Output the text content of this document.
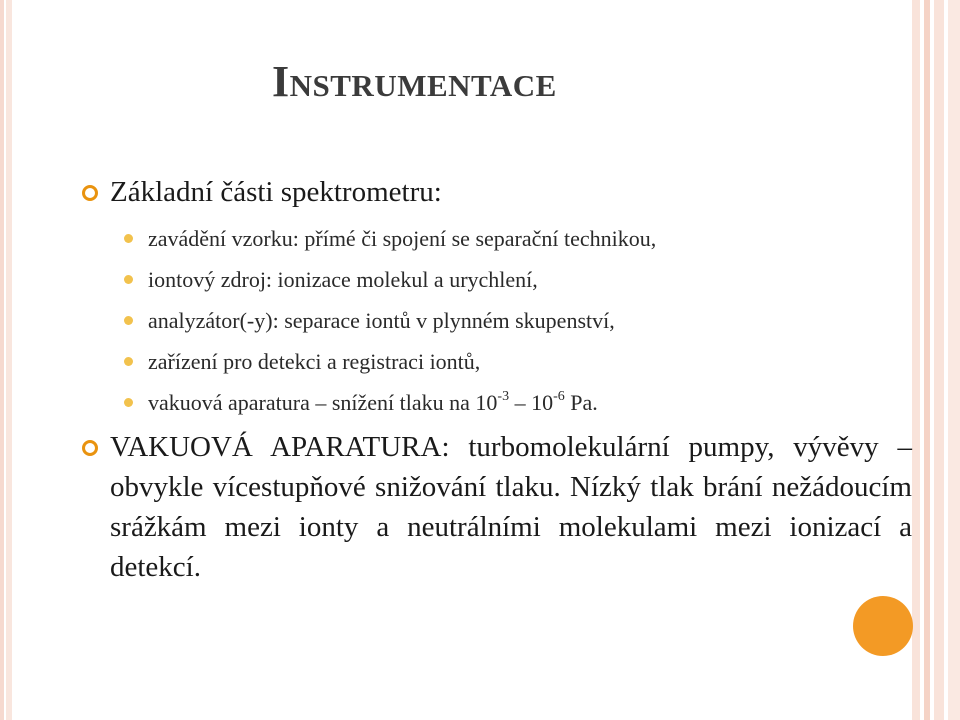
Instrumentace
Základní části spektrometru:
zavádění vzorku: přímé či spojení se separační technikou,
iontový zdroj: ionizace molekul a urychlení,
analyzátor(-y): separace iontů v plynném skupenství,
zařízení pro detekci a registraci iontů,
vakuová aparatura – snížení tlaku na $10^{-3} - 10^{-6}$ Pa.
VAKUOVÁ APARATURA: turbomolekulární pumpy, vývěvy – obvykle vícestupňové snižování tlaku. Nízký tlak brání nežádoucím srážkám mezi ionty a neutrálními molekulami mezi ionizací a detekcí.
